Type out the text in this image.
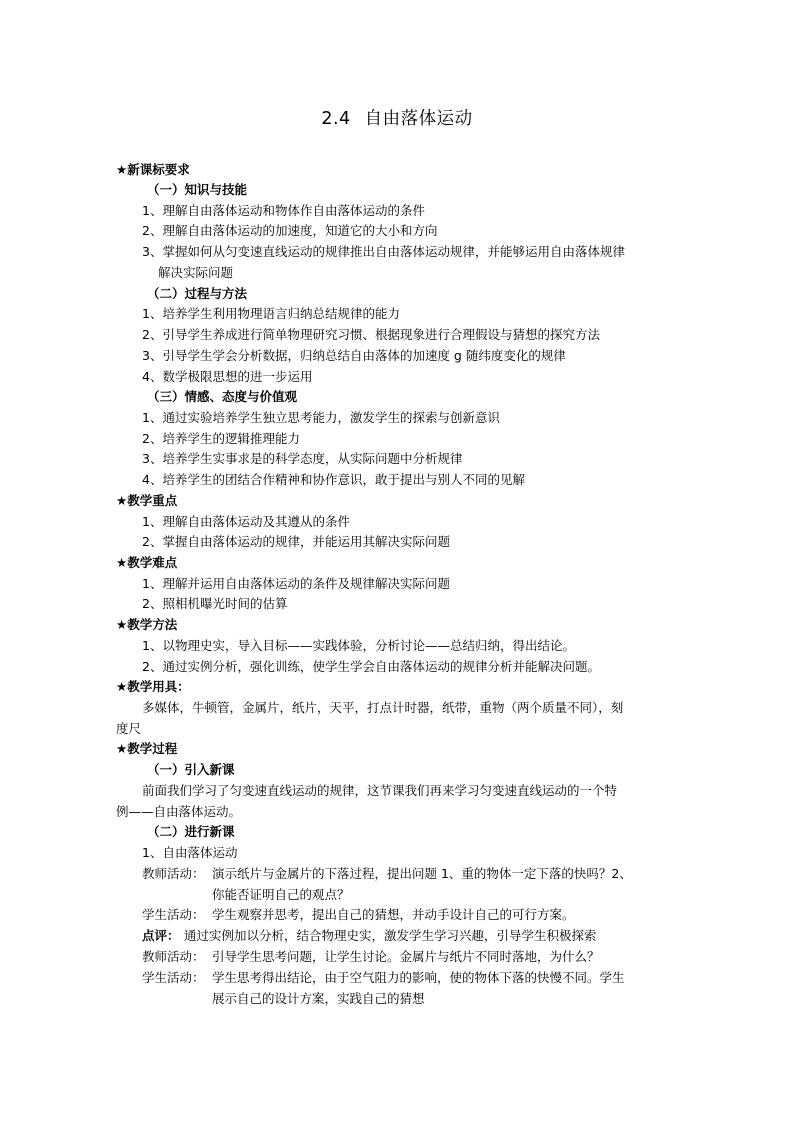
2.4 自由落体运动
★新课标要求
（一）知识与技能
1、理解自由落体运动和物体作自由落体运动的条件
2、理解自由落体运动的加速度，知道它的大小和方向
3、掌握如何从匀变速直线运动的规律推出自由落体运动规律，并能够运用自由落体规律
解决实际问题
（二）过程与方法
1、培养学生利用物理语言归纳总结规律的能力
2、引导学生养成进行简单物理研究习惯、根据现象进行合理假设与猜想的探究方法
3、引导学生学会分析数据，归纳总结自由落体的加速度 g 随纬度变化的规律
4、数学极限思想的进一步运用
（三）情感、态度与价值观
1、通过实验培养学生独立思考能力，激发学生的探索与创新意识
2、培养学生的逻辑推理能力
3、培养学生实事求是的科学态度，从实际问题中分析规律
4、培养学生的团结合作精神和协作意识，敢于提出与别人不同的见解
★教学重点
1、理解自由落体运动及其遵从的条件
2、掌握自由落体运动的规律，并能运用其解决实际问题
★教学难点
1、理解并运用自由落体运动的条件及规律解决实际问题
2、照相机曝光时间的估算
★教学方法
1、以物理史实，导入目标——实践体验，分析讨论——总结归纳，得出结论。
2、通过实例分析，强化训练，使学生学会自由落体运动的规律分析并能解决问题。
★教学用具：
多媒体，牛顿管，金属片，纸片，天平，打点计时器，纸带，重物（两个质量不同），刻
度尺
★教学过程
（一）引入新课
前面我们学习了匀变速直线运动的规律，这节课我们再来学习匀变速直线运动的一个特
例——自由落体运动。
（二）进行新课
1、自由落体运动
教师活动： 演示纸片与金属片的下落过程，提出问题 1、重的物体一定下落的快吗？2、
你能否证明自己的观点？
学生活动： 学生观察并思考，提出自己的猜想，并动手设计自己的可行方案。
点评： 通过实例加以分析，结合物理史实，激发学生学习兴趣，引导学生积极探索
教师活动： 引导学生思考问题，让学生讨论。金属片与纸片不同时落地，为什么？
学生活动： 学生思考得出结论，由于空气阻力的影响，使的物体下落的快慢不同。学生
展示自己的设计方案，实践自己的猜想
